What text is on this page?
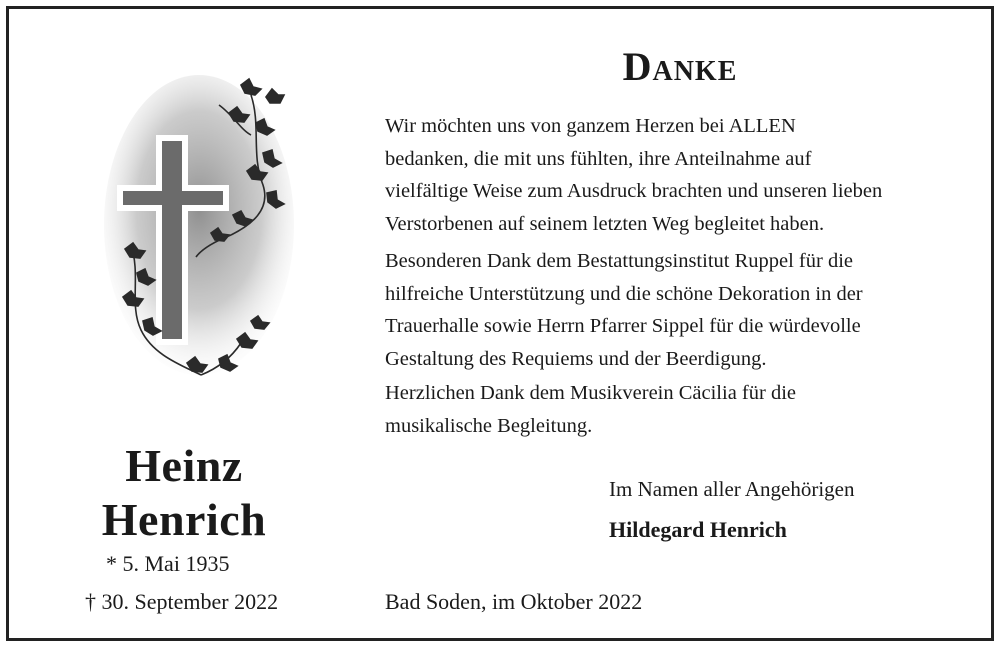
Heinz
Henrich
* 5. Mai 1935
† 30. September 2022
Danke
Wir möchten uns von ganzem Herzen bei ALLEN
bedanken, die mit uns fühlten, ihre Anteilnahme auf
vielfältige Weise zum Ausdruck brachten und unseren lieben
Verstorbenen auf seinem letzten Weg begleitet haben.
Besonderen Dank dem Bestattungsinstitut Ruppel für die
hilfreiche Unterstützung und die schöne Dekoration in der
Trauerhalle sowie Herrn Pfarrer Sippel für die würdevolle
Gestaltung des Requiems und der Beerdigung.
Herzlichen Dank dem Musikverein Cäcilia für die
musikalische Begleitung.
Im Namen aller Angehörigen
Hildegard Henrich
Bad Soden, im Oktober 2022
